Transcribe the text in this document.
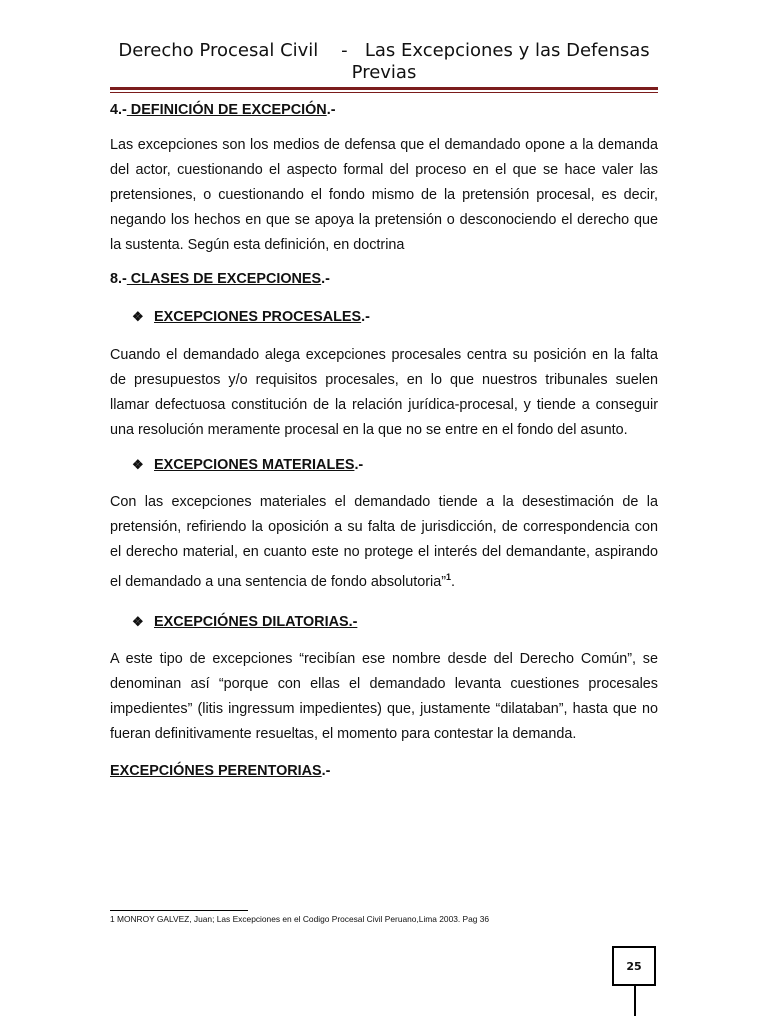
Derecho Procesal Civil    -   Las Excepciones y las Defensas
Previas

4.- DEFINICIÓN DE EXCEPCIÓN.-

Las excepciones son los medios de defensa que el demandado opone a la demanda del actor, cuestionando el aspecto formal del proceso en el que se hace valer las pretensiones, o cuestionando el fondo mismo de la pretensión procesal, es decir, negando los hechos en que se apoya la pretensión o desconociendo el derecho que la sustenta. Según esta definición, en doctrina

8.- CLASES DE EXCEPCIONES.-

❖ EXCEPCIONES PROCESALES.-

Cuando el demandado alega excepciones procesales centra su posición en la falta de presupuestos y/o requisitos procesales, en lo que nuestros tribunales suelen llamar defectuosa constitución de la relación jurídica-procesal, y tiende a conseguir una resolución meramente procesal en la que no se entre en el fondo del asunto.

❖ EXCEPCIONES MATERIALES.-

Con las excepciones materiales el demandado tiende a la desestimación de la pretensión, refiriendo la oposición a su falta de jurisdicción, de correspondencia con el derecho material, en cuanto este no protege el interés del demandante, aspirando el demandado a una sentencia de fondo absolutoria”$^1$.

❖ EXCEPCIÓNES DILATORIAS.-

A este tipo de excepciones “recibían ese nombre desde del Derecho Común”, se denominan así “porque con ellas el demandado levanta cuestiones procesales impedientes” (litis ingressum impedientes) que, justamente “dilataban”, hasta que no fueran definitivamente resueltas, el momento para contestar la demanda.

EXCEPCIÓNES PERENTORIAS.-

1 MONROY GALVEZ, Juan; Las Excepciones en el Codigo Procesal Civil Peruano,Lima 2003. Pag 36
25
